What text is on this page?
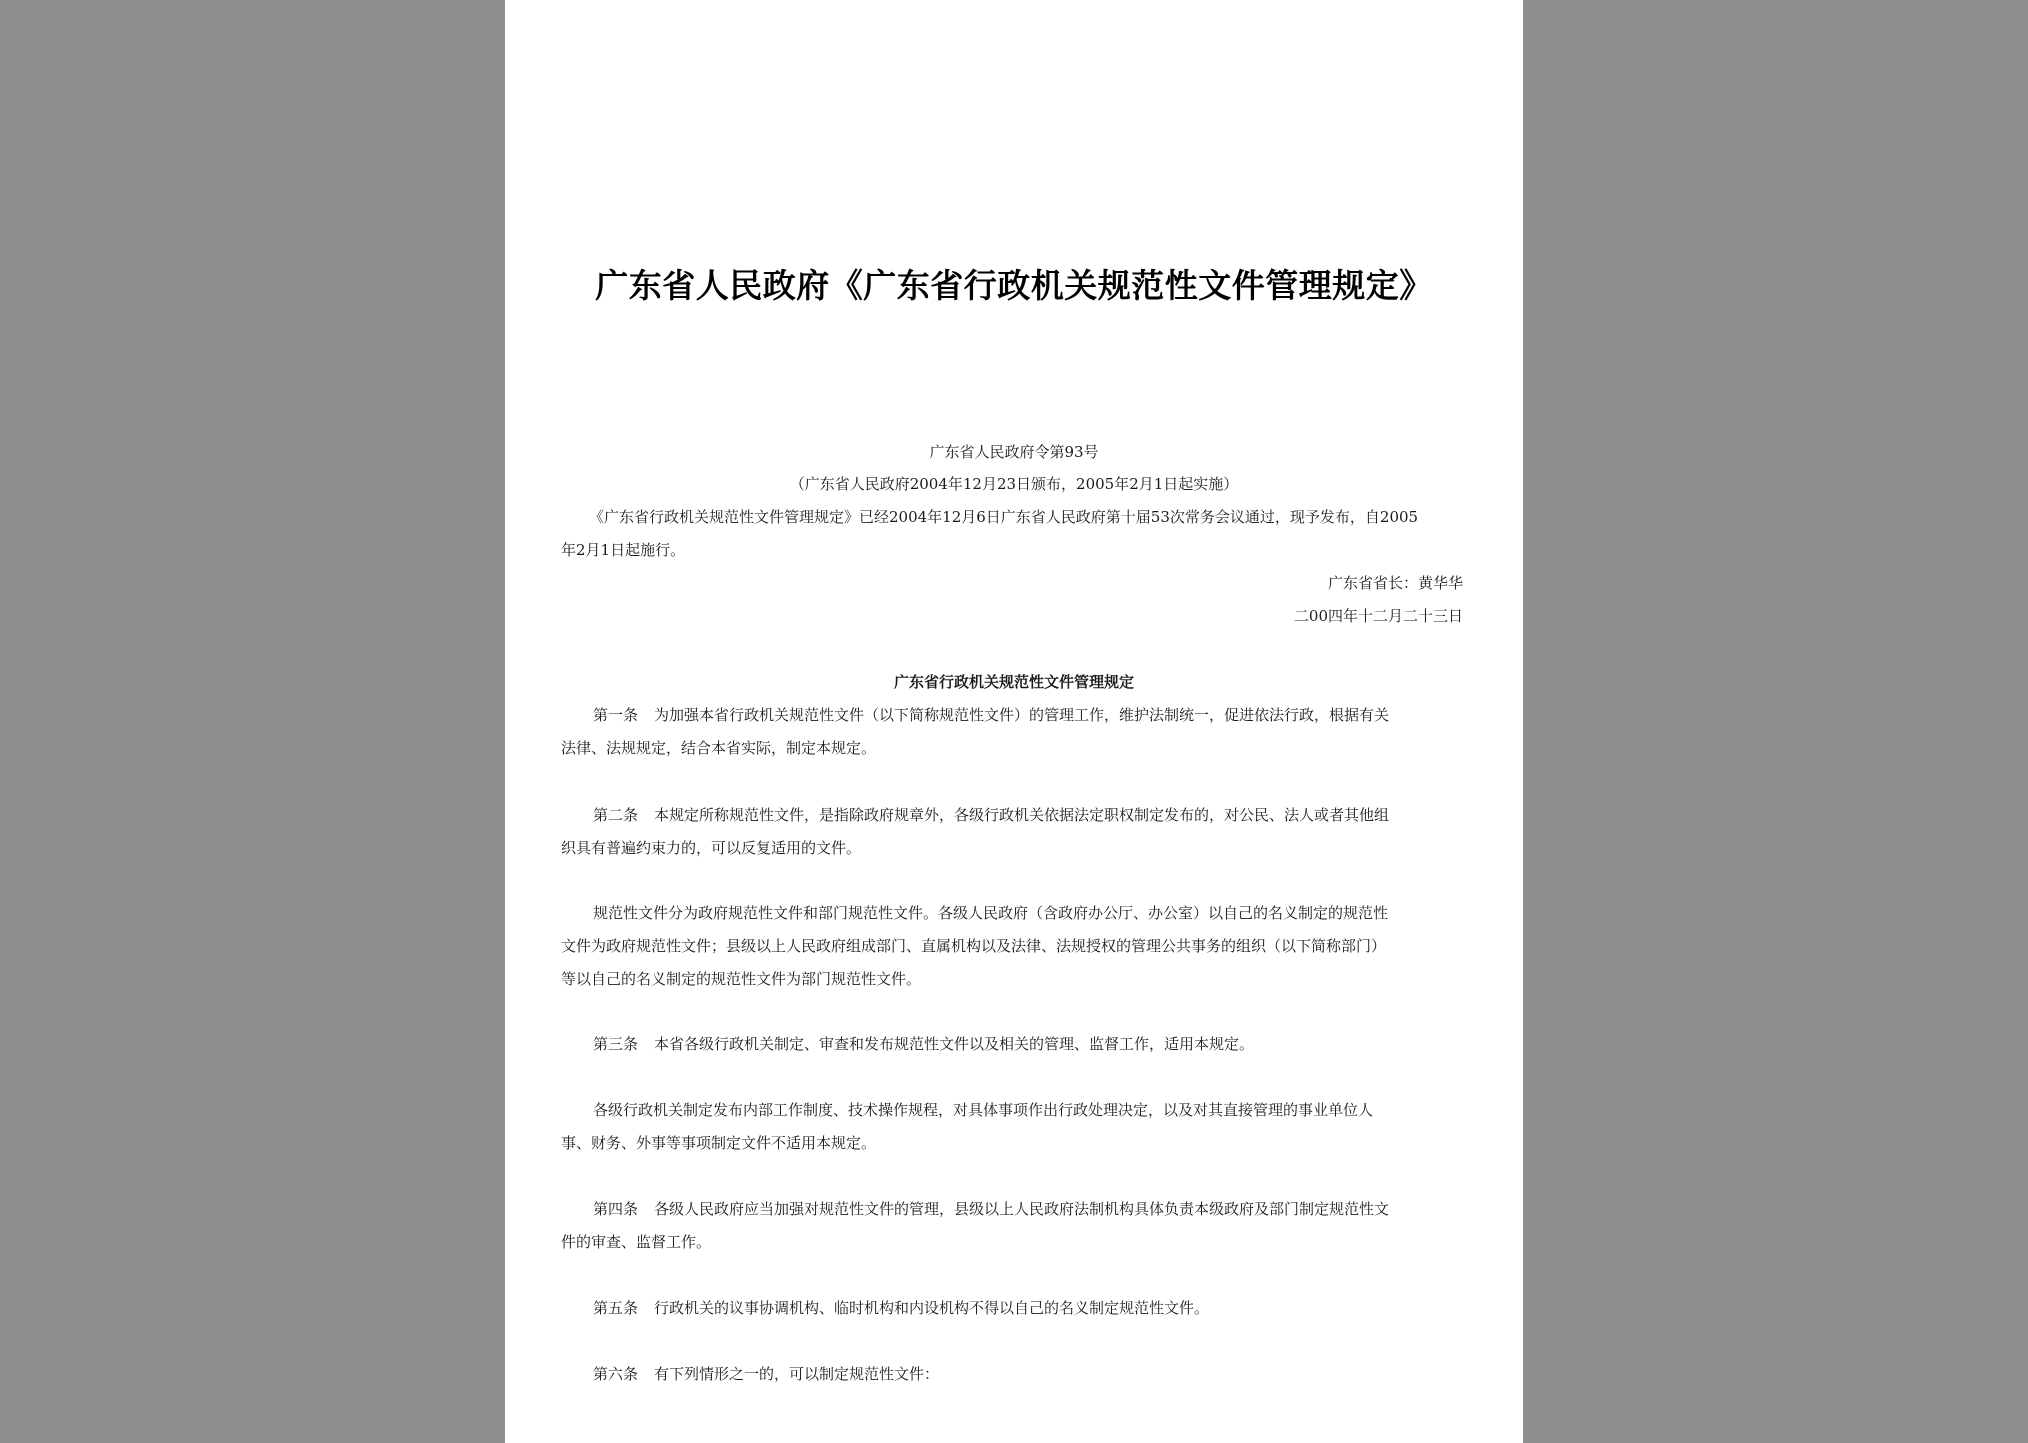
广东省人民政府《广东省行政机关规范性文件管理规定》
广东省人民政府令第93号
（广东省人民政府2004年12月23日颁布，2005年2月1日起实施）
《广东省行政机关规范性文件管理规定》已经2004年12月6日广东省人民政府第十届53次常务会议通过，现予发布，自2005
年2月1日起施行。
广东省省长：黄华华
二00四年十二月二十三日
广东省行政机关规范性文件管理规定
第一条 为加强本省行政机关规范性文件（以下简称规范性文件）的管理工作，维护法制统一，促进依法行政，根据有关
法律、法规规定，结合本省实际，制定本规定。
第二条 本规定所称规范性文件，是指除政府规章外，各级行政机关依据法定职权制定发布的，对公民、法人或者其他组
织具有普遍约束力的，可以反复适用的文件。
规范性文件分为政府规范性文件和部门规范性文件。各级人民政府（含政府办公厅、办公室）以自己的名义制定的规范性
文件为政府规范性文件；县级以上人民政府组成部门、直属机构以及法律、法规授权的管理公共事务的组织（以下简称部门）
等以自己的名义制定的规范性文件为部门规范性文件。
第三条 本省各级行政机关制定、审查和发布规范性文件以及相关的管理、监督工作，适用本规定。
各级行政机关制定发布内部工作制度、技术操作规程，对具体事项作出行政处理决定，以及对其直接管理的事业单位人
事、财务、外事等事项制定文件不适用本规定。
第四条 各级人民政府应当加强对规范性文件的管理，县级以上人民政府法制机构具体负责本级政府及部门制定规范性文
件的审查、监督工作。
第五条 行政机关的议事协调机构、临时机构和内设机构不得以自己的名义制定规范性文件。
第六条 有下列情形之一的，可以制定规范性文件：
